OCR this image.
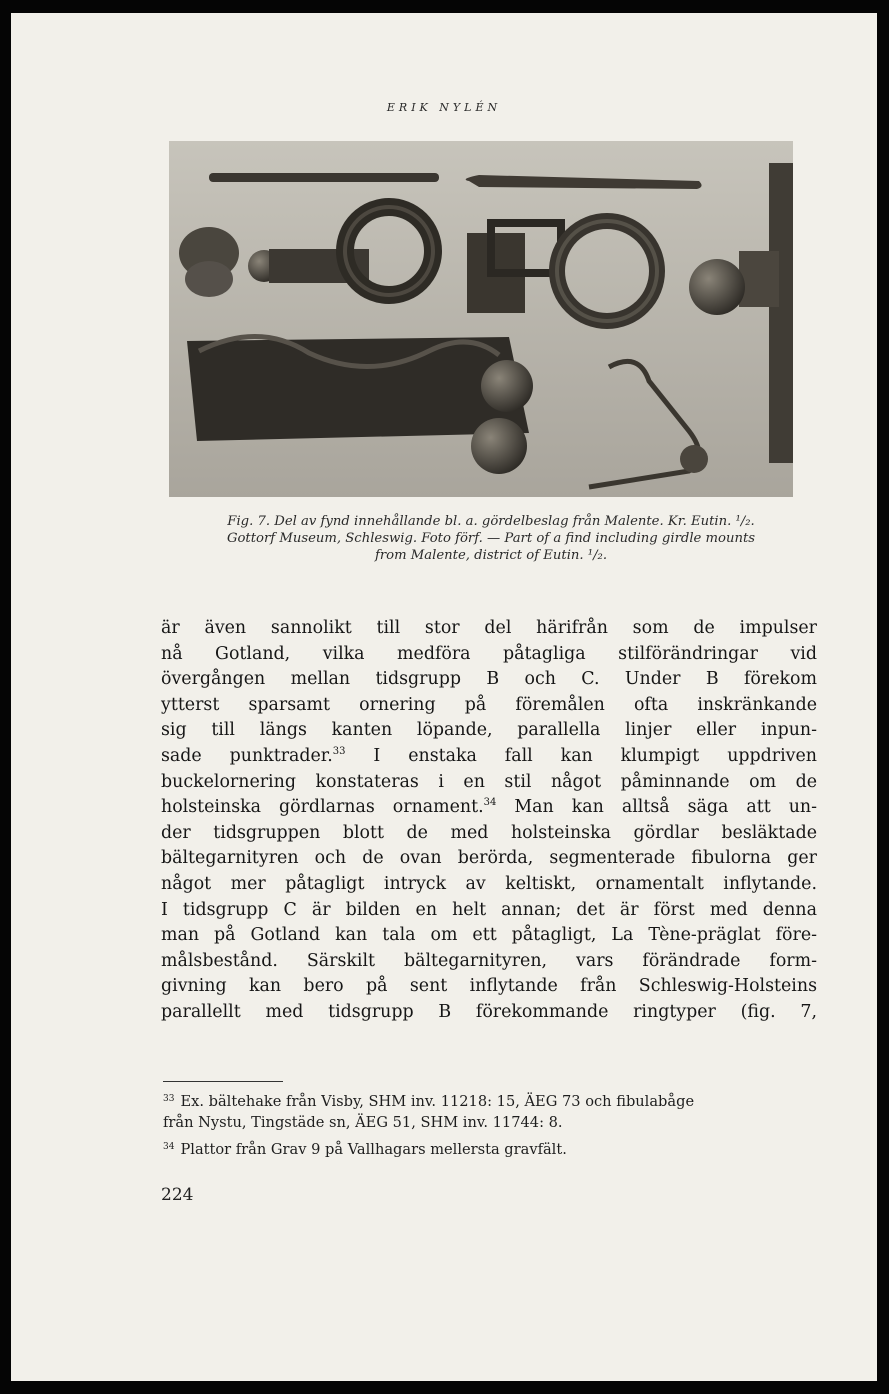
ERIK NYLÉN
Fig. 7. Del av fynd innehållande bl. a. gördelbeslag från Malente. Kr. Eutin. ¹/₂.
Gottorf Museum, Schleswig. Foto förf. — Part of a find including girdle mounts
from Malente, district of Eutin. ¹/₂.
är även sannolikt till stor del härifrån som de impulser
nå Gotland, vilka medföra påtagliga stilförändringar vid
övergången mellan tidsgrupp B och C. Under B förekom
ytterst sparsamt ornering på föremålen ofta inskränkande
sig till längs kanten löpande, parallella linjer eller inpun-
sade punktrader.$^{33}$ I enstaka fall kan klumpigt uppdriven
buckelornering konstateras i en stil något påminnande om de
holsteinska gördlarnas ornament.$^{34}$ Man kan alltså säga att un-
der tidsgruppen blott de med holsteinska gördlar besläktade
bältegarnityren och de ovan berörda, segmenterade fibulorna ger
något mer påtagligt intryck av keltiskt, ornamentalt inflytande.
I tidsgrupp C är bilden en helt annan; det är först med denna
man på Gotland kan tala om ett påtagligt, La Tène-präglat före-
målsbestånd. Särskilt bältegarnityren, vars förändrade form-
givning kan bero på sent inflytande från Schleswig-Holsteins
parallellt med tidsgrupp B förekommande ringtyper (fig. 7,
$^{33}$ Ex. bältehake från Visby, SHM inv. 11218: 15, ÄEG 73 och fibulabåge
från Nystu, Tingstäde sn, ÄEG 51, SHM inv. 11744: 8.
$^{34}$ Plattor från Grav 9 på Vallhagars mellersta gravfält.
224
